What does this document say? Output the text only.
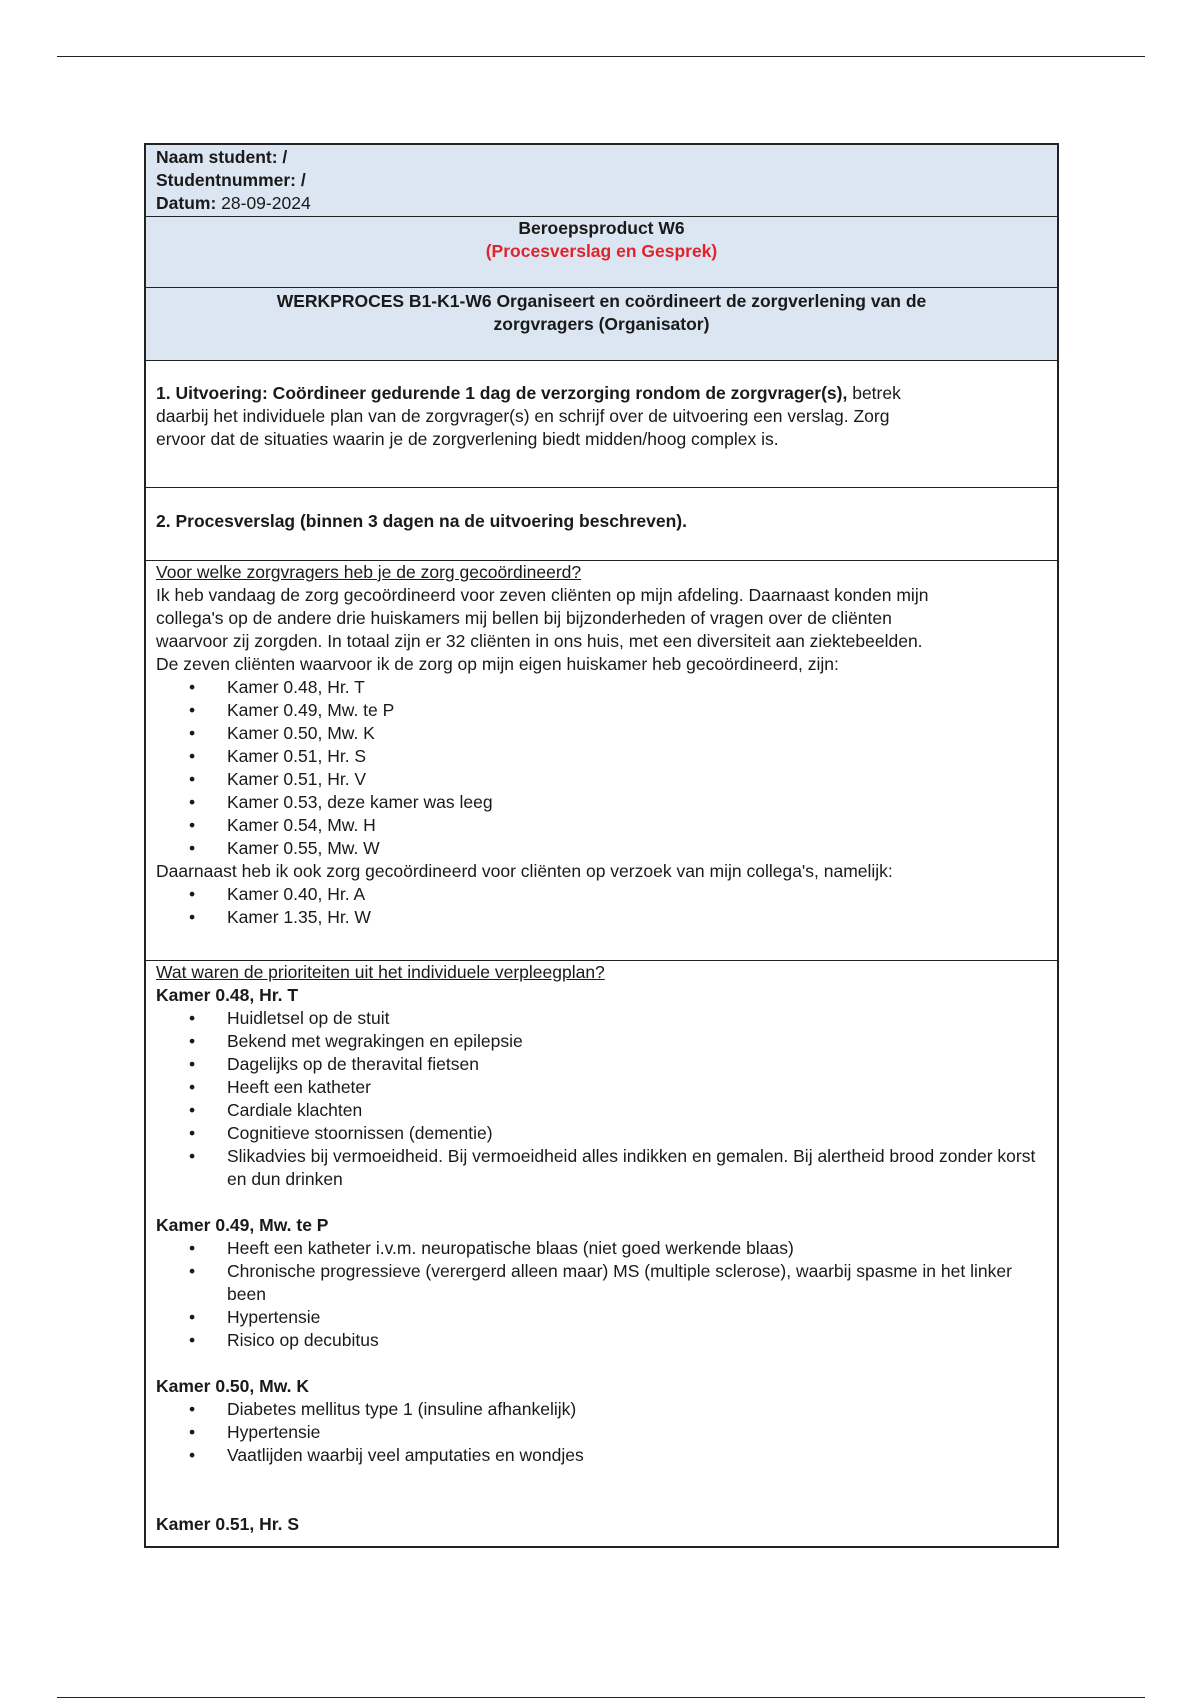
Naam student: /
Studentnummer: /
Datum: 28-09-2024
Beroepsproduct W6
(Procesverslag en Gesprek)
WERKPROCES B1-K1-W6 Organiseert en coördineert de zorgverlening van de
zorgvragers (Organisator)
1. Uitvoering: Coördineer gedurende 1 dag de verzorging rondom de zorgvrager(s), betrek
daarbij het individuele plan van de zorgvrager(s) en schrijf over de uitvoering een verslag. Zorg
ervoor dat de situaties waarin je de zorgverlening biedt midden/hoog complex is.
2. Procesverslag (binnen 3 dagen na de uitvoering beschreven).
Voor welke zorgvragers heb je de zorg gecoördineerd?
Ik heb vandaag de zorg gecoördineerd voor zeven cliënten op mijn afdeling. Daarnaast konden mijn
collega's op de andere drie huiskamers mij bellen bij bijzonderheden of vragen over de cliënten
waarvoor zij zorgden. In totaal zijn er 32 cliënten in ons huis, met een diversiteit aan ziektebeelden.
De zeven cliënten waarvoor ik de zorg op mijn eigen huiskamer heb gecoördineerd, zijn:
• Kamer 0.48, Hr. T
• Kamer 0.49, Mw. te P
• Kamer 0.50, Mw. K
• Kamer 0.51, Hr. S
• Kamer 0.51, Hr. V
• Kamer 0.53, deze kamer was leeg
• Kamer 0.54, Mw. H
• Kamer 0.55, Mw. W
Daarnaast heb ik ook zorg gecoördineerd voor cliënten op verzoek van mijn collega's, namelijk:
• Kamer 0.40, Hr. A
• Kamer 1.35, Hr. W
Wat waren de prioriteiten uit het individuele verpleegplan?
Kamer 0.48, Hr. T
• Huidletsel op de stuit
• Bekend met wegrakingen en epilepsie
• Dagelijks op de theravital fietsen
• Heeft een katheter
• Cardiale klachten
• Cognitieve stoornissen (dementie)
• Slikadvies bij vermoeidheid. Bij vermoeidheid alles indikken en gemalen. Bij alertheid brood zonder korst en dun drinken
Kamer 0.49, Mw. te P
• Heeft een katheter i.v.m. neuropatische blaas (niet goed werkende blaas)
• Chronische progressieve (verergerd alleen maar) MS (multiple sclerose), waarbij spasme in het linker been
• Hypertensie
• Risico op decubitus
Kamer 0.50, Mw. K
• Diabetes mellitus type 1 (insuline afhankelijk)
• Hypertensie
• Vaatlijden waarbij veel amputaties en wondjes
Kamer 0.51, Hr. S
